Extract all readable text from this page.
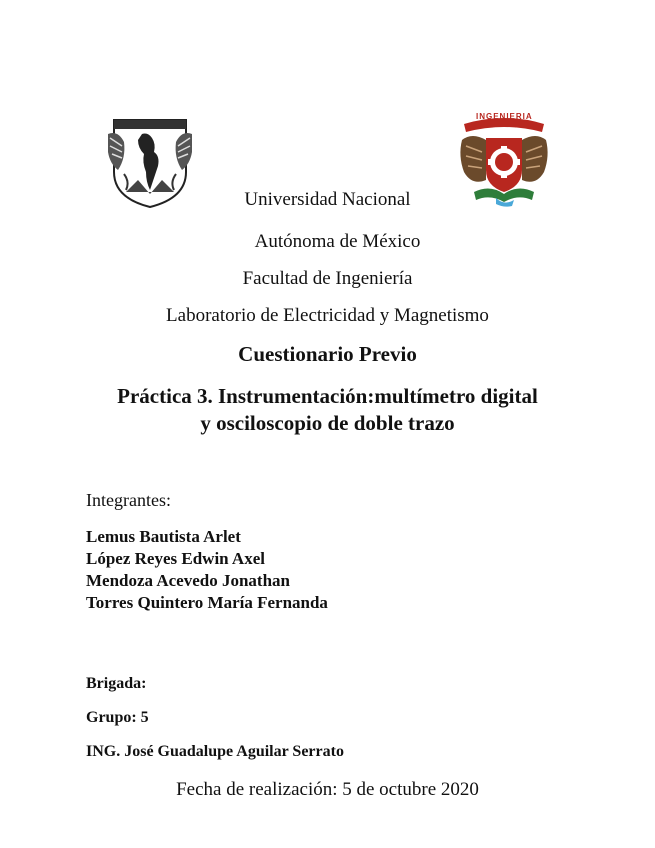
INGENIERIA
Universidad Nacional
Autónoma de México
Facultad de Ingeniería
Laboratorio de Electricidad y Magnetismo
Cuestionario Previo
Práctica 3. Instrumentación:multímetro digital
y osciloscopio de doble trazo
Integrantes:
Lemus Bautista Arlet
López Reyes Edwin Axel
Mendoza Acevedo Jonathan
Torres Quintero María Fernanda
Brigada:
Grupo: 5
ING. José Guadalupe Aguilar Serrato
Fecha de realización: 5 de octubre 2020
